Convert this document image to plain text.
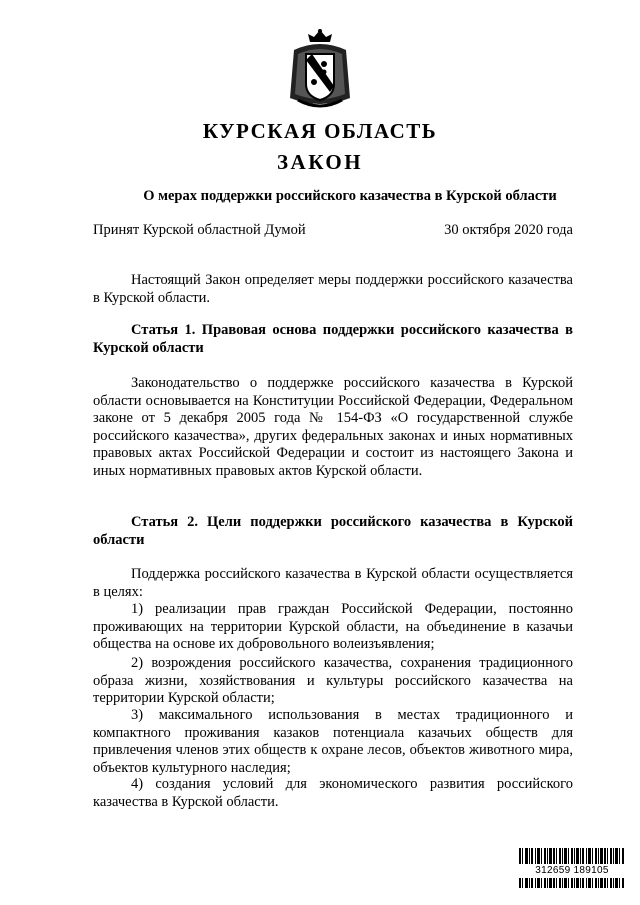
КУРСКАЯ ОБЛАСТЬ
ЗАКОН
О мерах поддержки российского казачества в Курской области
Принят Курской областной Думой	30 октября 2020 года

Настоящий Закон определяет меры поддержки российского казачества в Курской области.

Статья 1. Правовая основа поддержки российского казачества в Курской области

Законодательство о поддержке российского казачества в Курской области основывается на Конституции Российской Федерации, Федеральном законе от 5 декабря 2005 года № 154-ФЗ «О государственной службе российского казачества», других федеральных законах и иных нормативных правовых актах Российской Федерации и состоит из настоящего Закона и иных нормативных правовых актов Курской области.

Статья 2. Цели поддержки российского казачества в Курской области

Поддержка российского казачества в Курской области осуществляется в целях:

1) реализации прав граждан Российской Федерации, постоянно проживающих на территории Курской области, на объединение в казачьи общества на основе их добровольного волеизъявления;

2) возрождения российского казачества, сохранения традиционного образа жизни, хозяйствования и культуры российского казачества на территории Курской области;

3) максимального использования в местах традиционного и компактного проживания казаков потенциала казачьих обществ для привлечения членов этих обществ к охране лесов, объектов животного мира, объектов культурного наследия;

4) создания условий для экономического развития российского казачества в Курской области.

312659 189105
